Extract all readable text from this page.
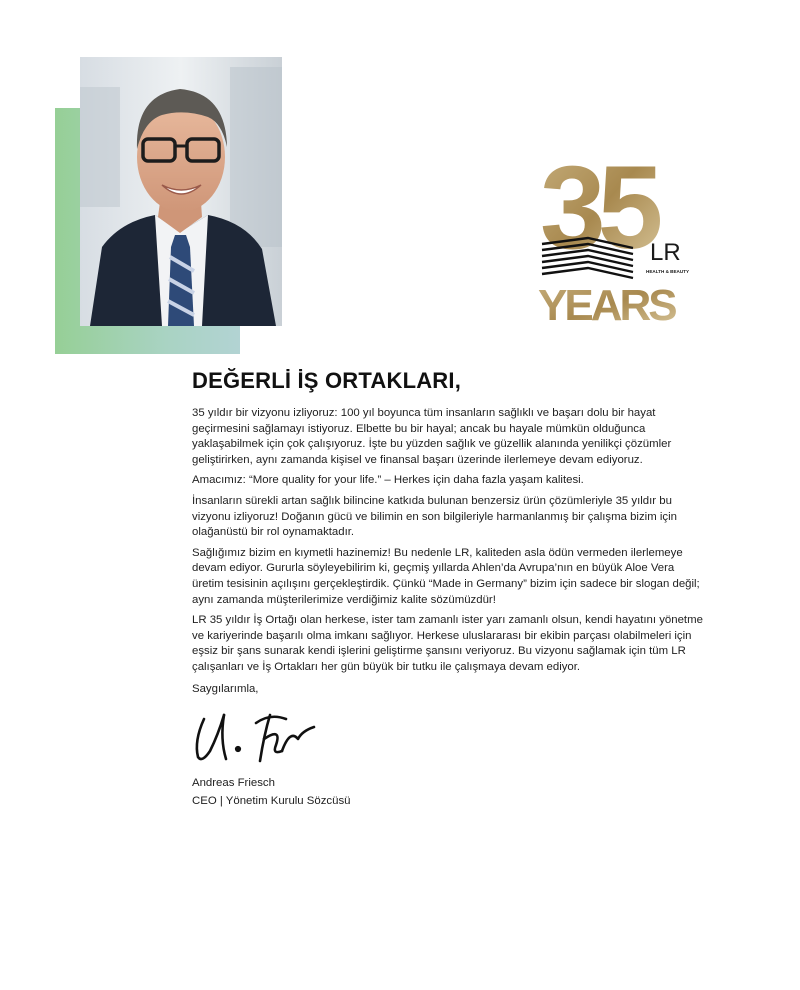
35
LR
HEALTH & BEAUTY
YEARS
DEĞERLİ İŞ ORTAKLARI,

35 yıldır bir vizyonu izliyoruz: 100 yıl boyunca tüm insanların sağlıklı ve başarı dolu bir hayat geçirmesini sağlamayı istiyoruz. Elbette bu bir hayal; ancak bu hayale mümkün olduğunca yaklaşabilmek için çok çalışıyoruz. İşte bu yüzden sağlık ve güzellik alanında yenilikçi çözümler geliştirirken, aynı zamanda kişisel ve finansal başarı üzerinde ilerlemeye devam ediyoruz.

Amacımız: “More quality for your life.” – Herkes için daha fazla yaşam kalitesi.

İnsanların sürekli artan sağlık bilincine katkıda bulunan benzersiz ürün çözümleriyle 35 yıldır bu vizyonu izliyoruz! Doğanın gücü ve bilimin en son bilgileriyle harmanlanmış bir çalışma bizim için olağanüstü bir rol oynamaktadır.

Sağlığımız bizim en kıymetli hazinemiz! Bu nedenle LR, kaliteden asla ödün vermeden ilerlemeye devam ediyor. Gururla söyleyebilirim ki, geçmiş yıllarda Ahlen’da Avrupa’nın en büyük Aloe Vera üretim tesisinin açılışını gerçekleştirdik. Çünkü “Made in Germany” bizim için sadece bir slogan değil; aynı zamanda müşterilerimize verdiğimiz kalite sözümüzdür!

LR 35 yıldır İş Ortağı olan herkese, ister tam zamanlı ister yarı zamanlı olsun, kendi hayatını yönetme ve kariyerinde başarılı olma imkanı sağlıyor. Herkese uluslararası bir ekibin parçası olabilmeleri için eşsiz bir şans sunarak kendi işlerini geliştirme şansını veriyoruz. Bu vizyonu sağlamak için tüm LR çalışanları ve İş Ortakları her gün büyük bir tutku ile çalışmaya devam ediyor.

Saygılarımla,

Andreas Friesch

CEO | Yönetim Kurulu Sözcüsü
